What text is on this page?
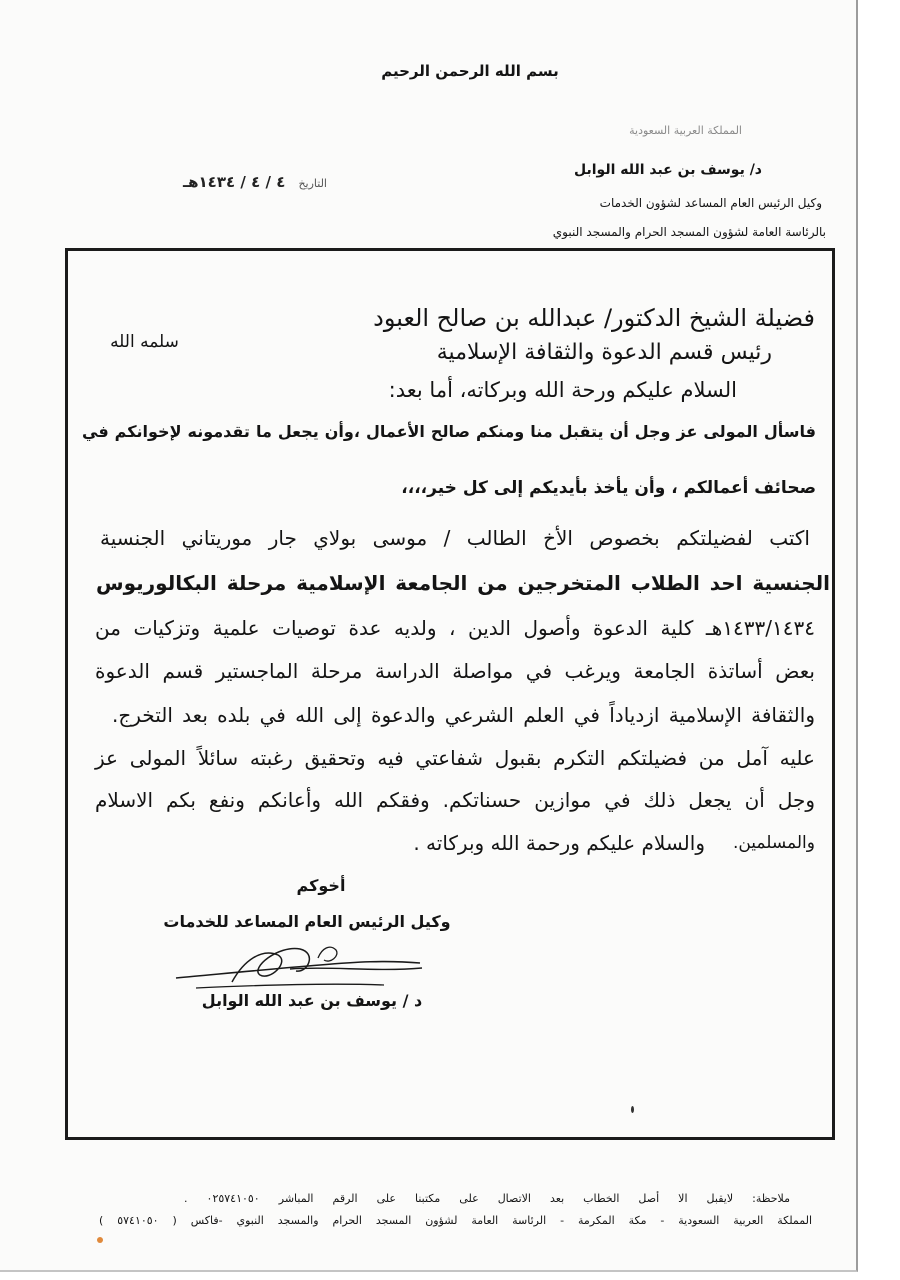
بسم الله الرحمن الرحيم
المملكة العربية السعودية
د/ يوسف بن عبد الله الوابل
وكيل الرئيس العام المساعد لشؤون الخدمات
بالرئاسة العامة لشؤون المسجد الحرام والمسجد النبوي
التاريخ ٤ / ٤ / ١٤٣٤هـ
فضيلة الشيخ الدكتور/ عبدالله بن صالح العبود
رئيس قسم الدعوة والثقافة الإسلامية
سلمه الله
السلام عليكم ورحة الله وبركاته، أما بعد:
فاسأل المولى عز وجل أن يتقبل منا ومنكم صالح الأعمال ،وأن يجعل ما تقدمونه لإخوانكم في
صحائف أعمالكم ، وأن يأخذ بأيديكم إلى كل خير،،،،
اكتب لفضيلتكم بخصوص الأخ الطالب / موسى بولاي جار موريتاني الجنسية
الجنسية احد الطلاب المتخرجين من الجامعة الإسلامية مرحلة البكالوريوس
١٤٣٣/١٤٣٤هـ كلية الدعوة وأصول الدين ، ولديه عدة توصيات علمية وتزكيات من
بعض أساتذة الجامعة ويرغب في مواصلة الدراسة مرحلة الماجستير قسم الدعوة
والثقافة الإسلامية ازدياداً في العلم الشرعي والدعوة إلى الله في بلده بعد التخرج.
عليه آمل من فضيلتكم التكرم بقبول شفاعتي فيه وتحقيق رغبته سائلاً المولى عز
وجل أن يجعل ذلك في موازين حسناتكم. وفقكم الله وأعانكم ونفع بكم الاسلام
والمسلمين.
والسلام عليكم ورحمة الله وبركاته .
أخوكم
وكيل الرئيس العام المساعد للخدمات
د / يوسف بن عبد الله الوابل
ملاحظة: لايقبل الا أصل الخطاب بعد الاتصال على مكتبنا على الرقم المباشر ٠٢٥٧٤١٠٥٠ .
المملكة العربية السعودية - مكة المكرمة - الرئاسة العامة لشؤون المسجد الحرام والمسجد النبوي -فاكس ( ٥٧٤١٠٥٠ )
